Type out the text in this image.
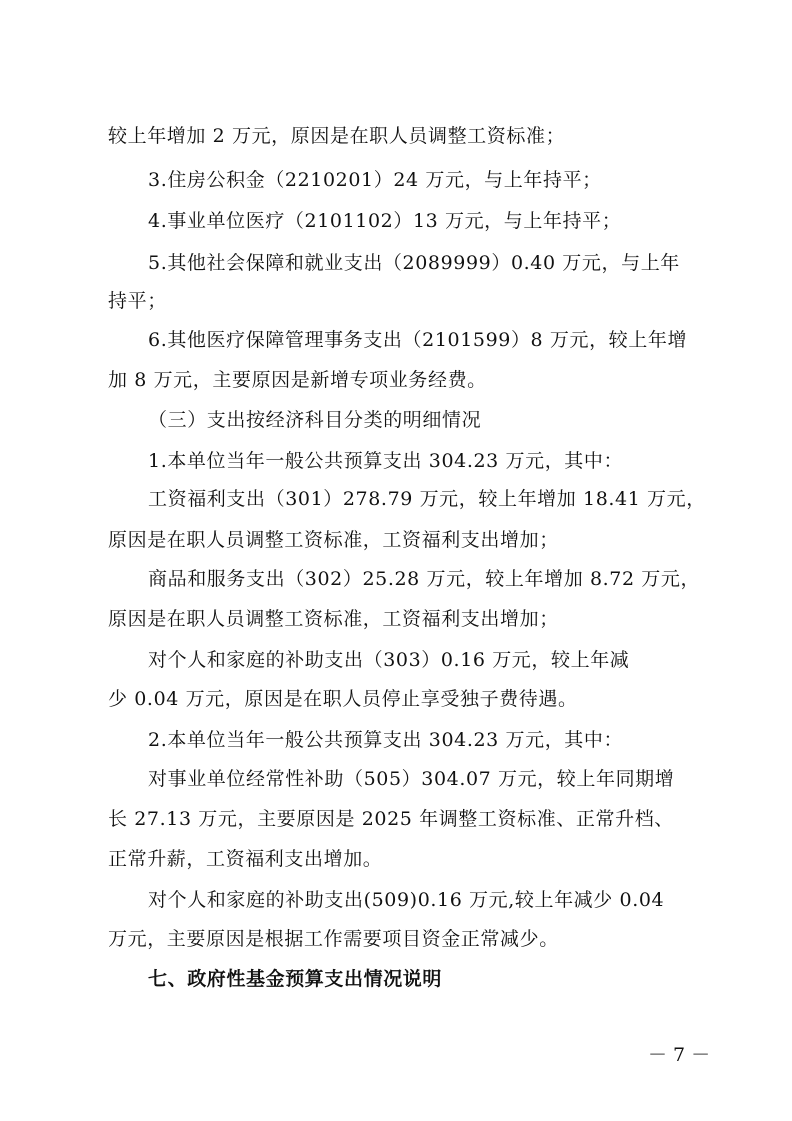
较上年增加 2 万元，原因是在职人员调整工资标准；
3.住房公积金（2210201）24 万元，与上年持平；
4.事业单位医疗（2101102）13 万元，与上年持平；
5.其他社会保障和就业支出（2089999）0.40 万元，与上年
持平；
6.其他医疗保障管理事务支出（2101599）8 万元，较上年增
加 8 万元，主要原因是新增专项业务经费。
（三）支出按经济科目分类的明细情况
1.本单位当年一般公共预算支出 304.23 万元，其中：
工资福利支出（301）278.79 万元，较上年增加 18.41 万元，
原因是在职人员调整工资标准，工资福利支出增加；
商品和服务支出（302）25.28 万元，较上年增加 8.72 万元，
原因是在职人员调整工资标准，工资福利支出增加；
对个人和家庭的补助支出（303）0.16 万元，较上年减
少 0.04 万元，原因是在职人员停止享受独子费待遇。
2.本单位当年一般公共预算支出 304.23 万元，其中：
对事业单位经常性补助（505）304.07 万元，较上年同期增
长 27.13 万元，主要原因是 2025 年调整工资标准、正常升档、
正常升薪，工资福利支出增加。
对个人和家庭的补助支出(509)0.16 万元,较上年减少 0.04
万元，主要原因是根据工作需要项目资金正常减少。
七、政府性基金预算支出情况说明
－ 7 －
